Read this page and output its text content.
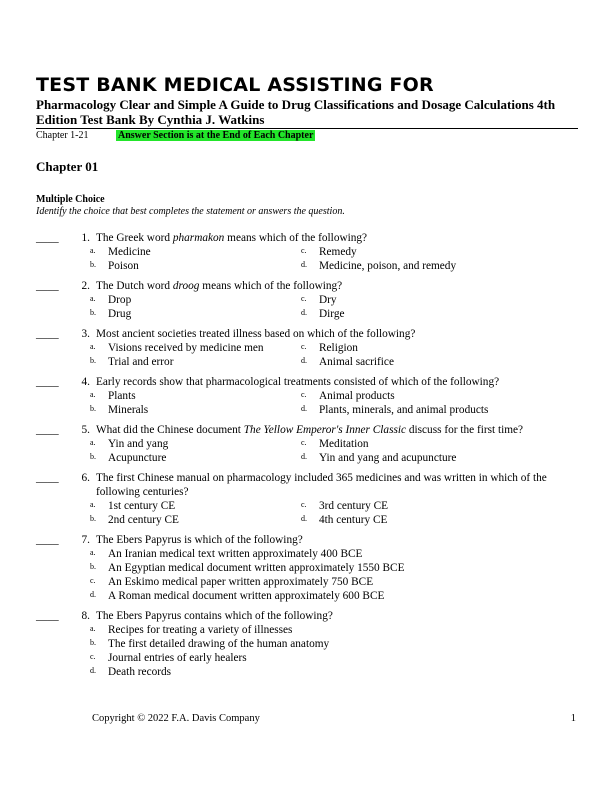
TEST BANK MEDICAL ASSISTING FOR
Pharmacology Clear and Simple A Guide to Drug Classifications and Dosage Calculations 4th Edition Test Bank By Cynthia J. Watkins
Chapter 1-21	Answer Section is at the End of Each Chapter
Chapter 01
Multiple Choice
Identify the choice that best completes the statement or answers the question.
____	1. The Greek word pharmakon means which of the following?
a.	Medicine	c.	Remedy
b.	Poison	d.	Medicine, poison, and remedy
____	2. The Dutch word droog means which of the following?
a.	Drop	c.	Dry
b.	Drug	d.	Dirge
____	3. Most ancient societies treated illness based on which of the following?
a.	Visions received by medicine men	c.	Religion
b.	Trial and error	d.	Animal sacrifice
____	4. Early records show that pharmacological treatments consisted of which of the following?
a.	Plants	c.	Animal products
b.	Minerals	d.	Plants, minerals, and animal products
____	5. What did the Chinese document The Yellow Emperor's Inner Classic discuss for the first time?
a.	Yin and yang	c.	Meditation
b.	Acupuncture	d.	Yin and yang and acupuncture
____	6. The first Chinese manual on pharmacology included 365 medicines and was written in which of the following centuries?
a.	1st century CE	c.	3rd century CE
b.	2nd century CE	d.	4th century CE
____	7. The Ebers Papyrus is which of the following?
a.	An Iranian medical text written approximately 400 BCE
b.	An Egyptian medical document written approximately 1550 BCE
c.	An Eskimo medical paper written approximately 750 BCE
d.	A Roman medical document written approximately 600 BCE
____	8. The Ebers Papyrus contains which of the following?
a.	Recipes for treating a variety of illnesses
b.	The first detailed drawing of the human anatomy
c.	Journal entries of early healers
d.	Death records
Copyright © 2022 F.A. Davis Company	1
